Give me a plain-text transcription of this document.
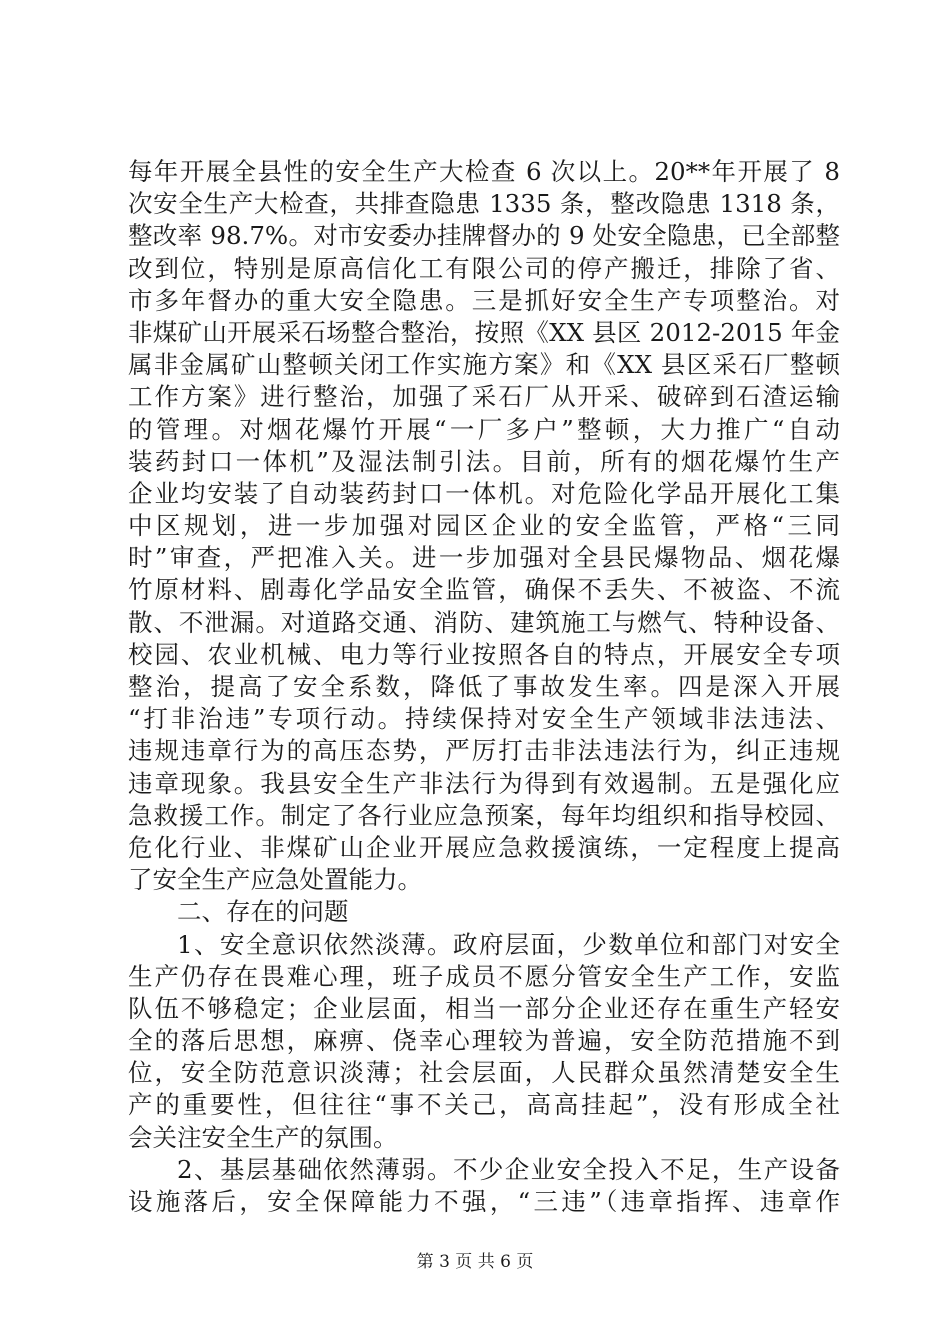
每年开展全县性的安全生产大检查 6 次以上。20**年开展了 8
次安全生产大检查，共排查隐患 1335 条，整改隐患 1318 条，
整改率 98.7%。对市安委办挂牌督办的 9 处安全隐患，已全部整
改到位，特别是原高信化工有限公司的停产搬迁，排除了省、
市多年督办的重大安全隐患。三是抓好安全生产专项整治。对
非煤矿山开展采石场整合整治，按照《XX 县区 2012-2015 年金
属非金属矿山整顿关闭工作实施方案》和《XX 县区采石厂整顿
工作方案》进行整治，加强了采石厂从开采、破碎到石渣运输
的管理。对烟花爆竹开展“一厂多户”整顿，大力推广“自动
装药封口一体机”及湿法制引法。目前，所有的烟花爆竹生产
企业均安装了自动装药封口一体机。对危险化学品开展化工集
中区规划，进一步加强对园区企业的安全监管，严格“三同
时”审查，严把准入关。进一步加强对全县民爆物品、烟花爆
竹原材料、剧毒化学品安全监管，确保不丢失、不被盗、不流
散、不泄漏。对道路交通、消防、建筑施工与燃气、特种设备、
校园、农业机械、电力等行业按照各自的特点，开展安全专项
整治，提高了安全系数，降低了事故发生率。四是深入开展
“打非治违”专项行动。持续保持对安全生产领域非法违法、
违规违章行为的高压态势，严厉打击非法违法行为，纠正违规
违章现象。我县安全生产非法行为得到有效遏制。五是强化应
急救援工作。制定了各行业应急预案，每年均组织和指导校园、
危化行业、非煤矿山企业开展应急救援演练，一定程度上提高
了安全生产应急处置能力。
二、存在的问题
1、安全意识依然淡薄。政府层面，少数单位和部门对安全
生产仍存在畏难心理，班子成员不愿分管安全生产工作，安监
队伍不够稳定；企业层面，相当一部分企业还存在重生产轻安
全的落后思想，麻痹、侥幸心理较为普遍，安全防范措施不到
位，安全防范意识淡薄；社会层面，人民群众虽然清楚安全生
产的重要性，但往往“事不关己，高高挂起”，没有形成全社
会关注安全生产的氛围。
2、基层基础依然薄弱。不少企业安全投入不足，生产设备
设施落后，安全保障能力不强，“三违”（违章指挥、违章作
第 3 页 共 6 页
